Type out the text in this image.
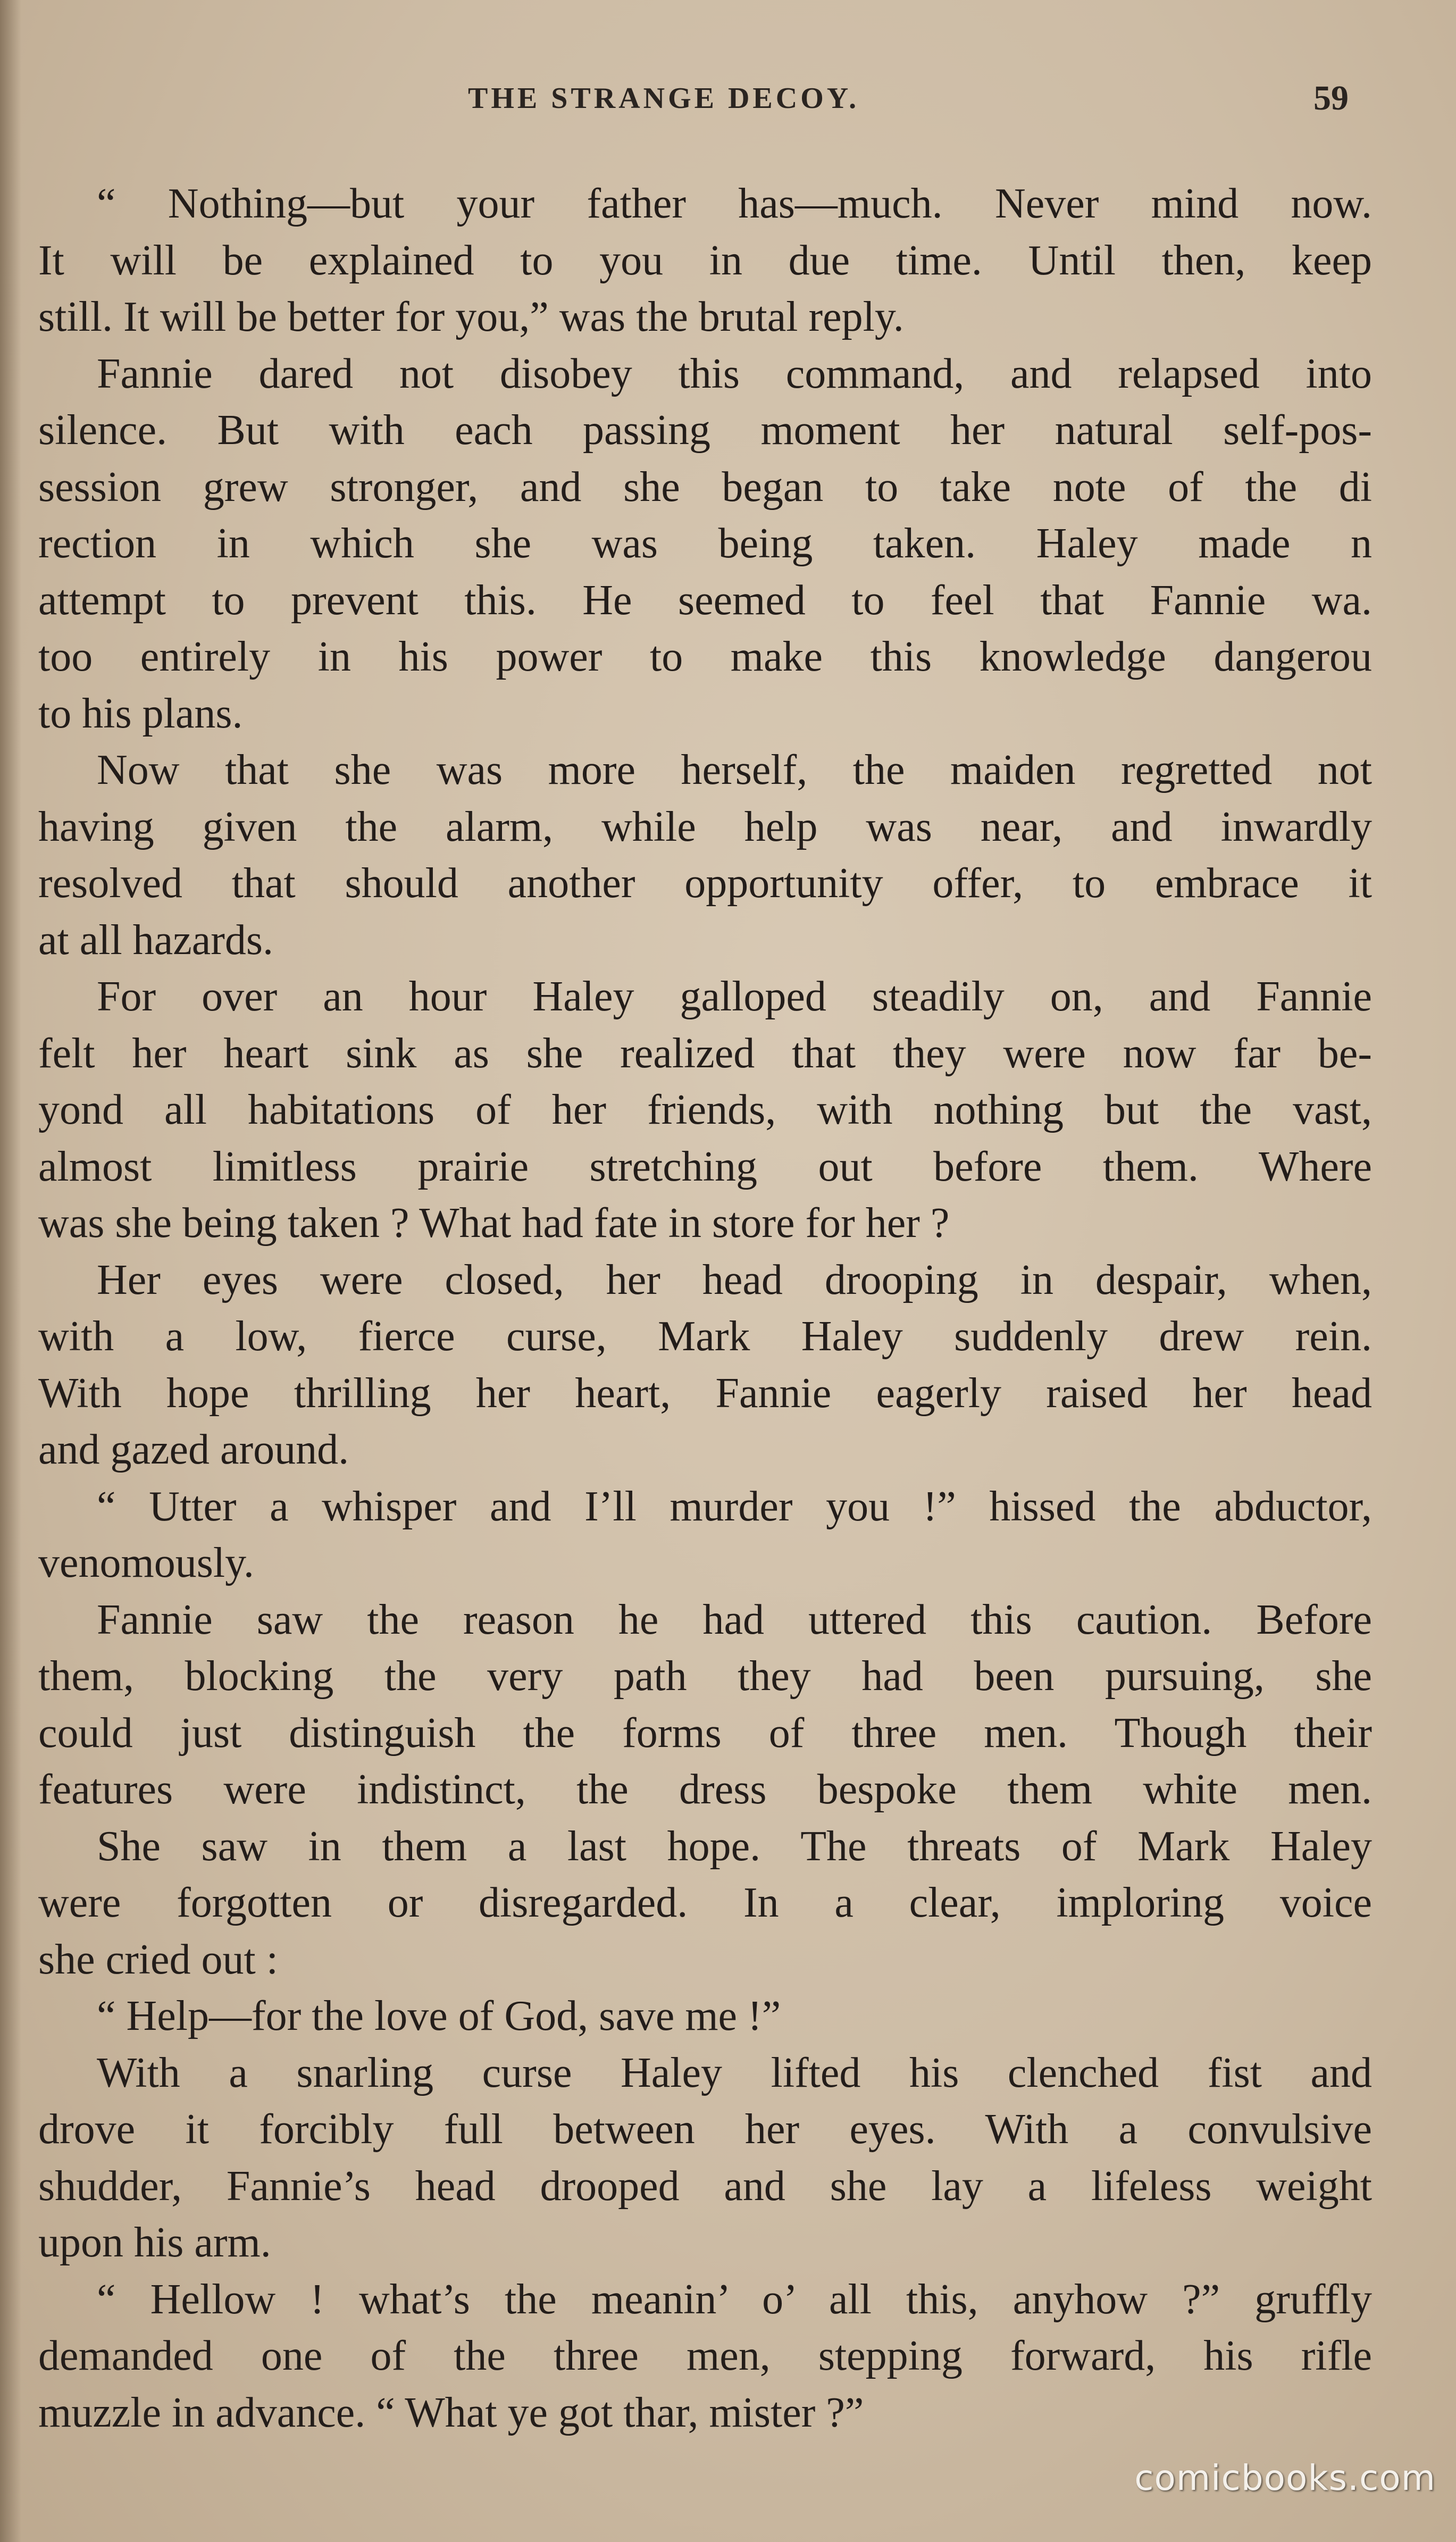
THE STRANGE DECOY.	59
“ Nothing—but your father has—much. Never mind now.
It will be explained to you in due time. Until then, keep
still. It will be better for you,” was the brutal reply.
Fannie dared not disobey this command, and relapsed into
silence. But with each passing moment her natural self-pos-
session grew stronger, and she began to take note of the di
rection in which she was being taken. Haley made n
attempt to prevent this. He seemed to feel that Fannie wa.
too entirely in his power to make this knowledge dangerou
to his plans.
Now that she was more herself, the maiden regretted not
having given the alarm, while help was near, and inwardly
resolved that should another opportunity offer, to embrace it
at all hazards.
For over an hour Haley galloped steadily on, and Fannie
felt her heart sink as she realized that they were now far be-
yond all habitations of her friends, with nothing but the vast,
almost limitless prairie stretching out before them. Where
was she being taken ? What had fate in store for her ?
Her eyes were closed, her head drooping in despair, when,
with a low, fierce curse, Mark Haley suddenly drew rein.
With hope thrilling her heart, Fannie eagerly raised her head
and gazed around.
“ Utter a whisper and I’ll murder you !” hissed the abductor,
venomously.
Fannie saw the reason he had uttered this caution. Before
them, blocking the very path they had been pursuing, she
could just distinguish the forms of three men. Though their
features were indistinct, the dress bespoke them white men.
She saw in them a last hope. The threats of Mark Haley
were forgotten or disregarded. In a clear, imploring voice
she cried out :
“ Help—for the love of God, save me !”
With a snarling curse Haley lifted his clenched fist and
drove it forcibly full between her eyes. With a convulsive
shudder, Fannie’s head drooped and she lay a lifeless weight
upon his arm.
“ Hellow ! what’s the meanin’ o’ all this, anyhow ?” gruffly
demanded one of the three men, stepping forward, his rifle
muzzle in advance. “ What ye got thar, mister ?”
comicbooks.com
